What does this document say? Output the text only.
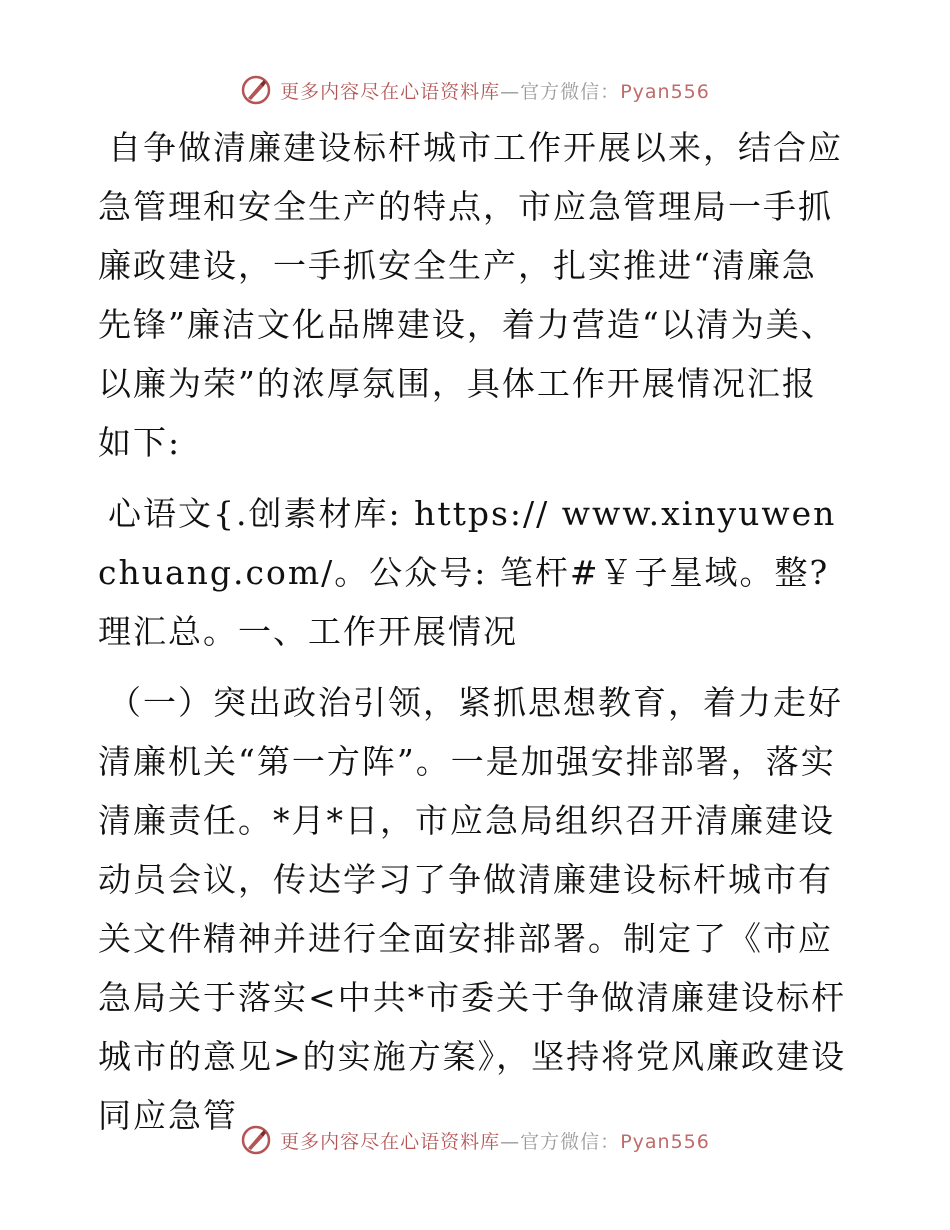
更多内容尽在心语资料库—官方微信：Pyan556

自争做清廉建设标杆城市工作开展以来，结合应急管理和安全生产的特点，市应急管理局一手抓廉政建设，一手抓安全生产，扎实推进“清廉急先锋”廉洁文化品牌建设，着力营造“以清为美、以廉为荣”的浓厚氛围，具体工作开展情况汇报如下:

心语文{.创素材库: https:// www.xinyuwenchuang.com/。公众号: 笔杆#￥子星域。整?理汇总。一、工作开展情况

（一）突出政治引领，紧抓思想教育，着力走好清廉机关“第一方阵”。一是加强安排部署，落实清廉责任。*月*日，市应急局组织召开清廉建设动员会议，传达学习了争做清廉建设标杆城市有关文件精神并进行全面安排部署。制定了《市应急局关于落实<中共*市委关于争做清廉建设标杆城市的意见>的实施方案》，坚持将党风廉政建设同应急管

更多内容尽在心语资料库—官方微信：Pyan556
